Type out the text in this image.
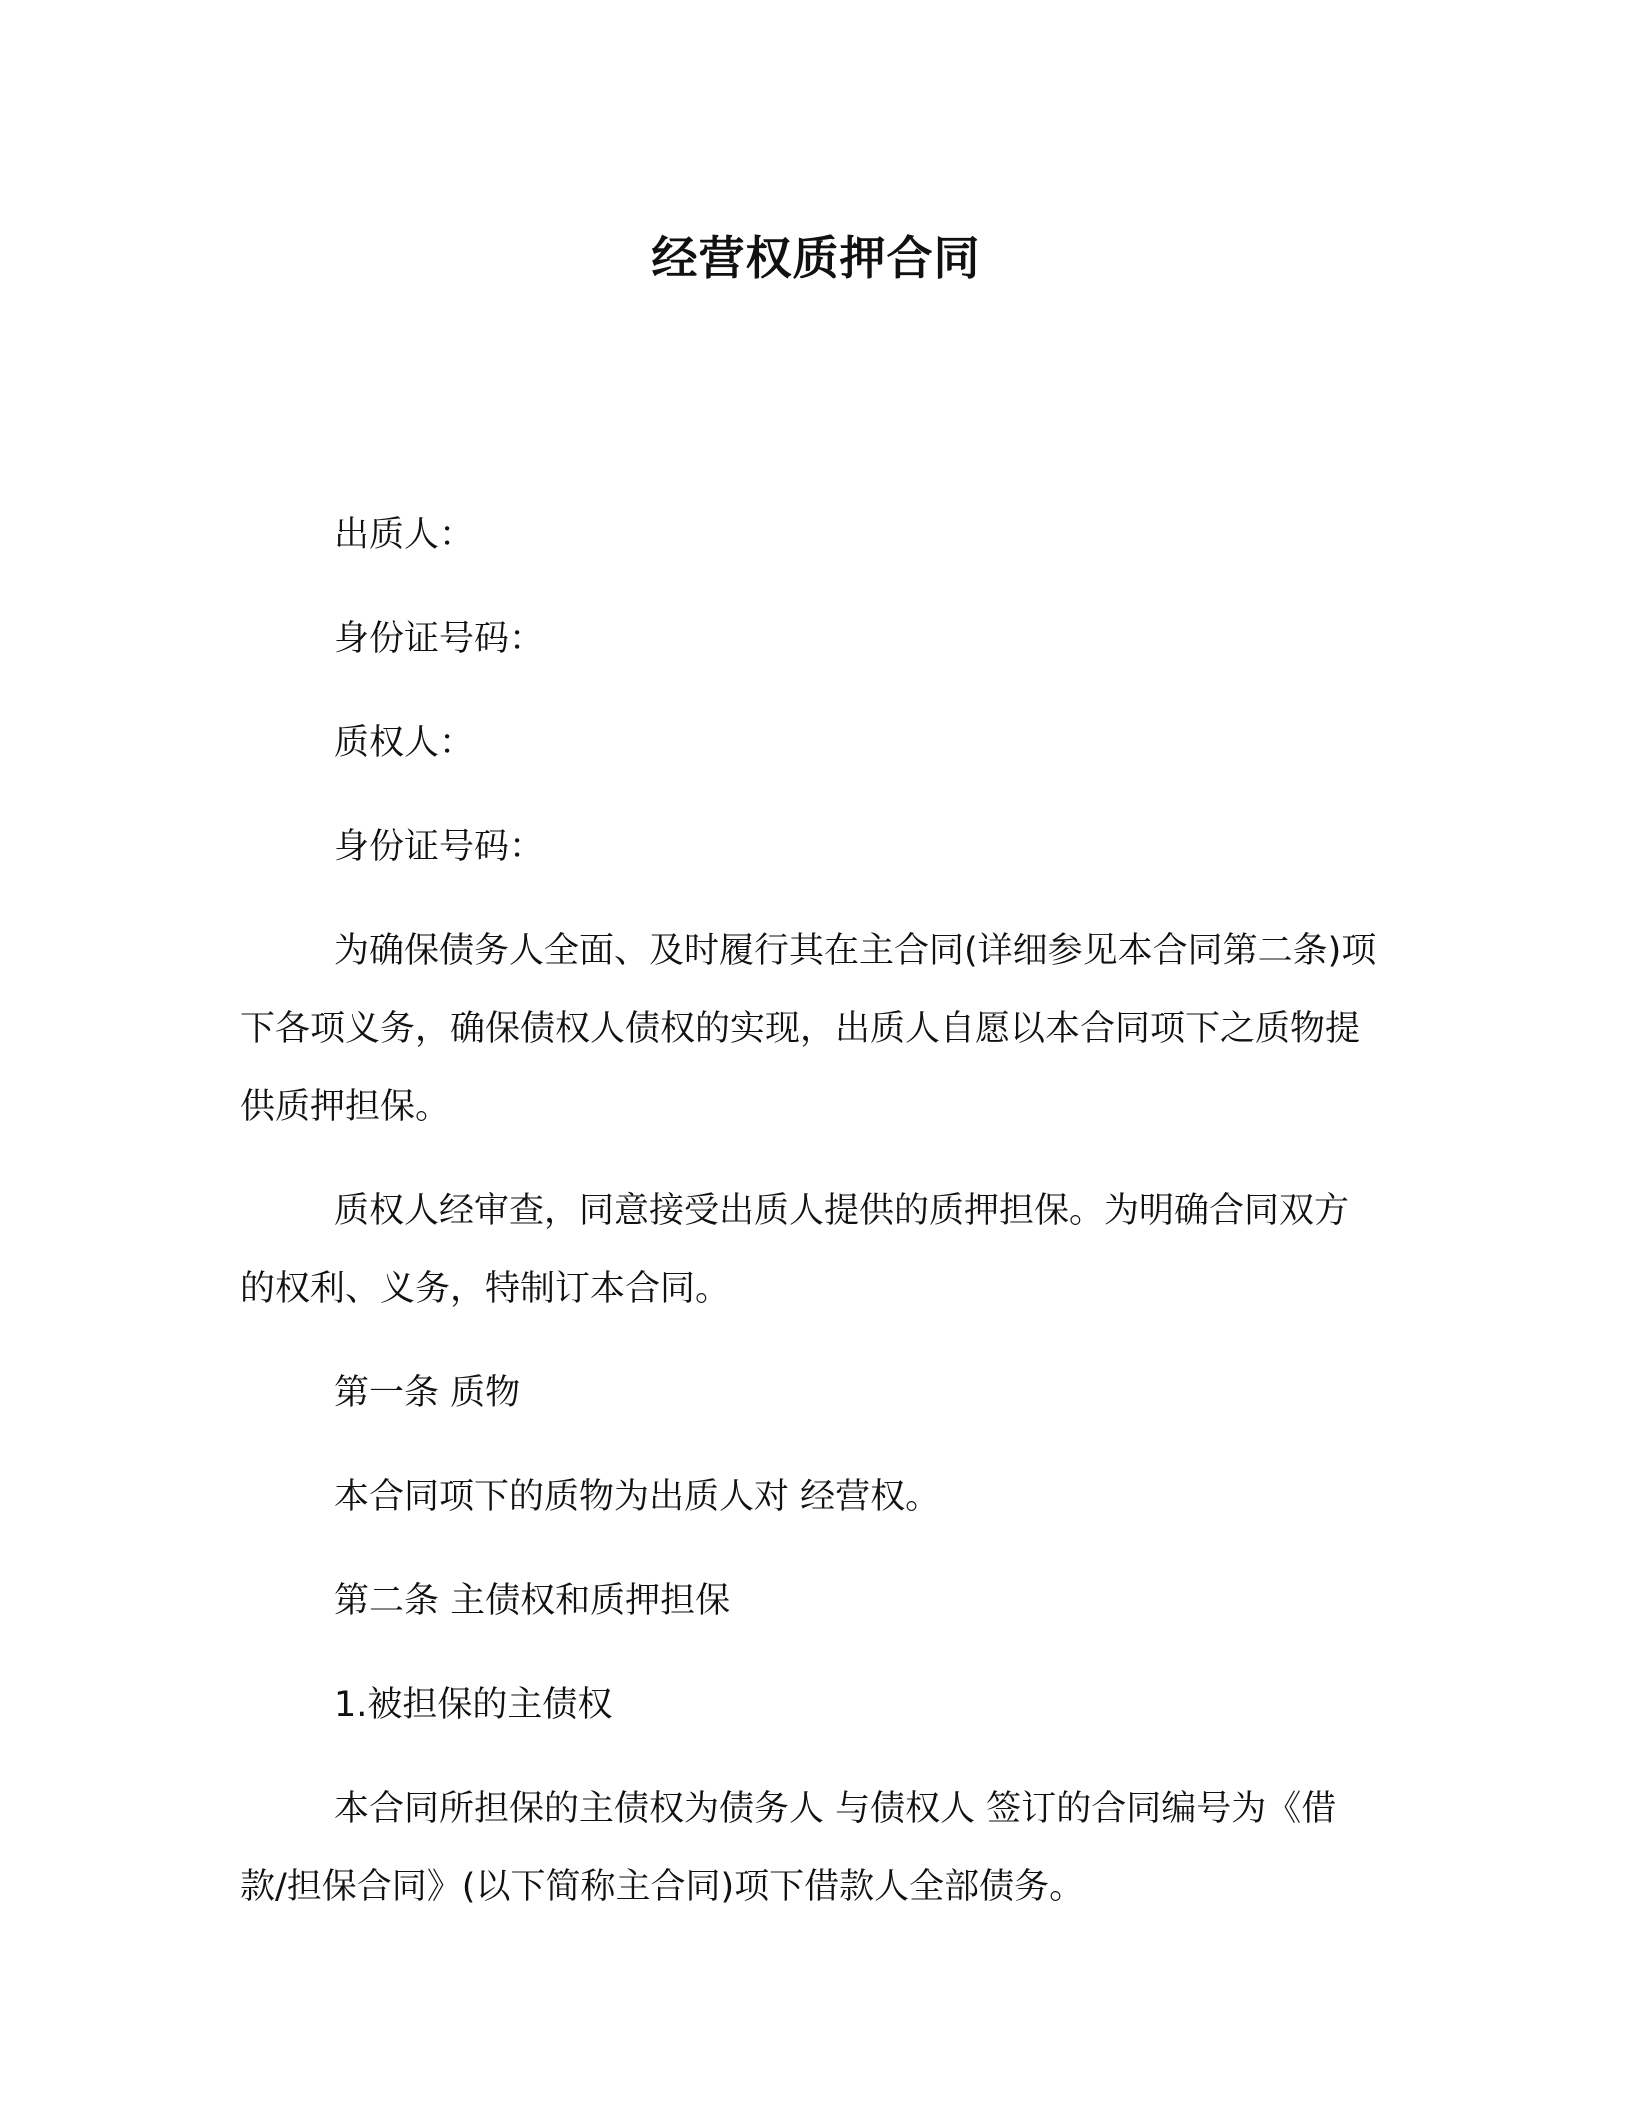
经营权质押合同

出质人：

身份证号码：

质权人：

身份证号码：

为确保债务人全面、及时履行其在主合同(详细参见本合同第二条)项下各项义务，确保债权人债权的实现，出质人自愿以本合同项下之质物提供质押担保。

质权人经审查，同意接受出质人提供的质押担保。为明确合同双方的权利、义务，特制订本合同。

第一条 质物

本合同项下的质物为出质人对 经营权。

第二条 主债权和质押担保

1.被担保的主债权

本合同所担保的主债权为债务人 与债权人 签订的合同编号为《借款/担保合同》(以下简称主合同)项下借款人全部债务。
